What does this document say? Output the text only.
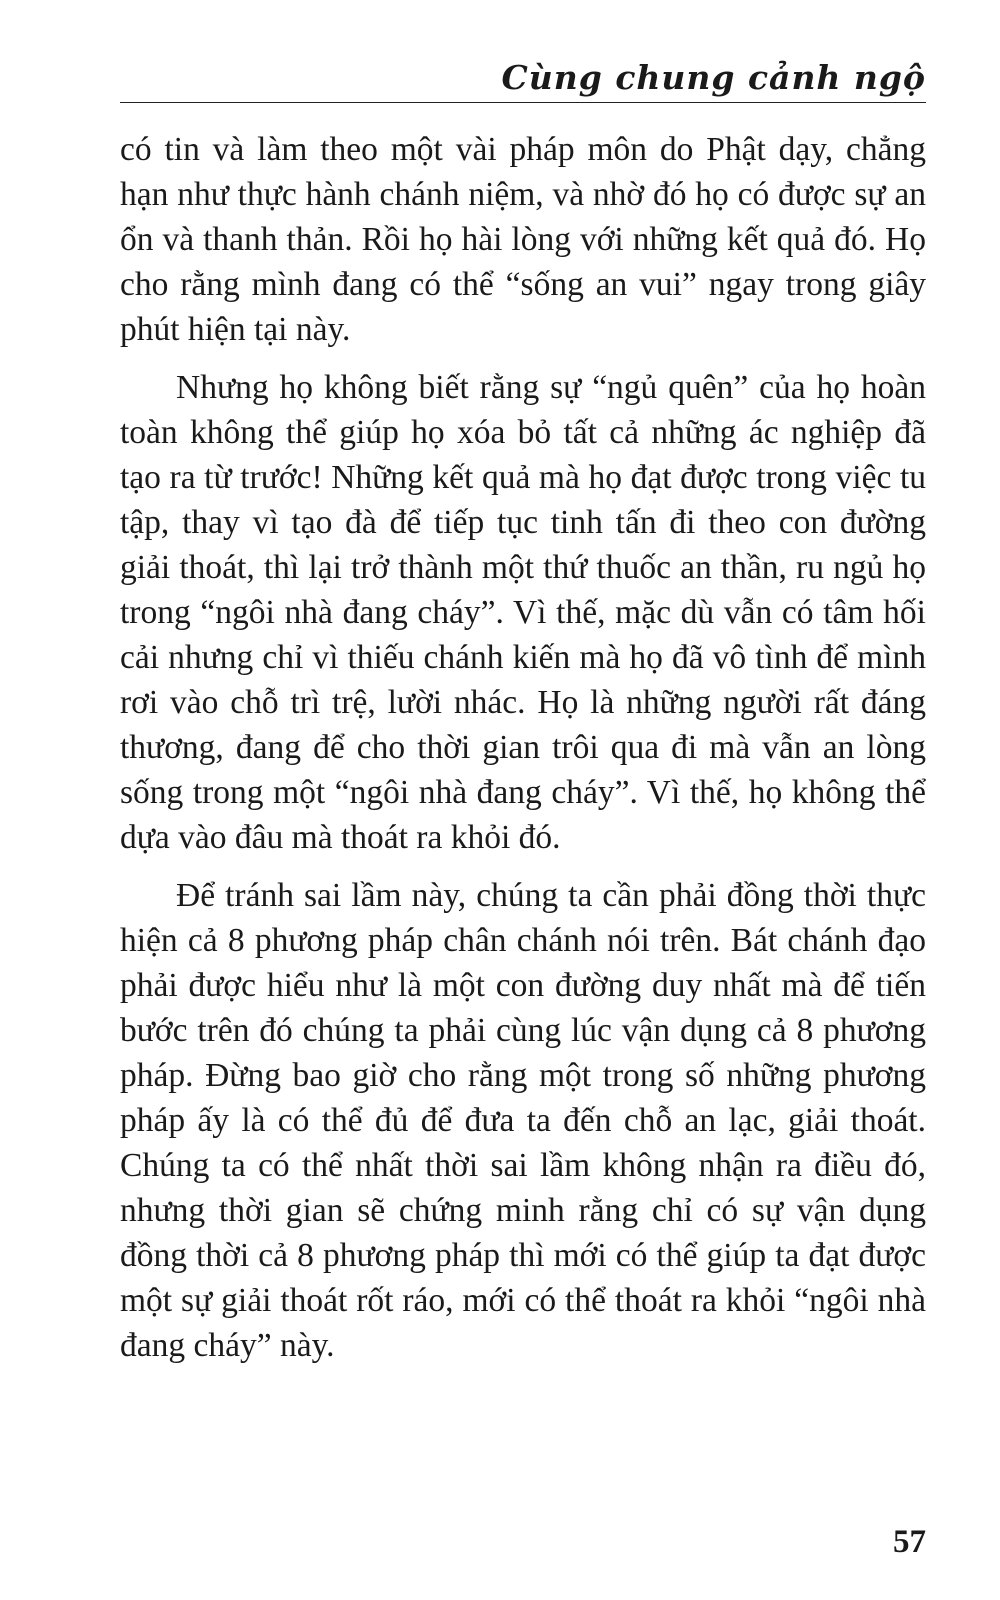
Cùng chung cảnh ngộ

có tin và làm theo một vài pháp môn do Phật dạy, chẳng hạn như thực hành chánh niệm, và nhờ đó họ có được sự an ổn và thanh thản. Rồi họ hài lòng với những kết quả đó. Họ cho rằng mình đang có thể “sống an vui” ngay trong giây phút hiện tại này.

Nhưng họ không biết rằng sự “ngủ quên” của họ hoàn toàn không thể giúp họ xóa bỏ tất cả những ác nghiệp đã tạo ra từ trước! Những kết quả mà họ đạt được trong việc tu tập, thay vì tạo đà để tiếp tục tinh tấn đi theo con đường giải thoát, thì lại trở thành một thứ thuốc an thần, ru ngủ họ trong “ngôi nhà đang cháy”. Vì thế, mặc dù vẫn có tâm hối cải nhưng chỉ vì thiếu chánh kiến mà họ đã vô tình để mình rơi vào chỗ trì trệ, lười nhác. Họ là những người rất đáng thương, đang để cho thời gian trôi qua đi mà vẫn an lòng sống trong một “ngôi nhà đang cháy”. Vì thế, họ không thể dựa vào đâu mà thoát ra khỏi đó.

Để tránh sai lầm này, chúng ta cần phải đồng thời thực hiện cả 8 phương pháp chân chánh nói trên. Bát chánh đạo phải được hiểu như là một con đường duy nhất mà để tiến bước trên đó chúng ta phải cùng lúc vận dụng cả 8 phương pháp. Đừng bao giờ cho rằng một trong số những phương pháp ấy là có thể đủ để đưa ta đến chỗ an lạc, giải thoát. Chúng ta có thể nhất thời sai lầm không nhận ra điều đó, nhưng thời gian sẽ chứng minh rằng chỉ có sự vận dụng đồng thời cả 8 phương pháp thì mới có thể giúp ta đạt được một sự giải thoát rốt ráo, mới có thể thoát ra khỏi “ngôi nhà đang cháy” này.

57
